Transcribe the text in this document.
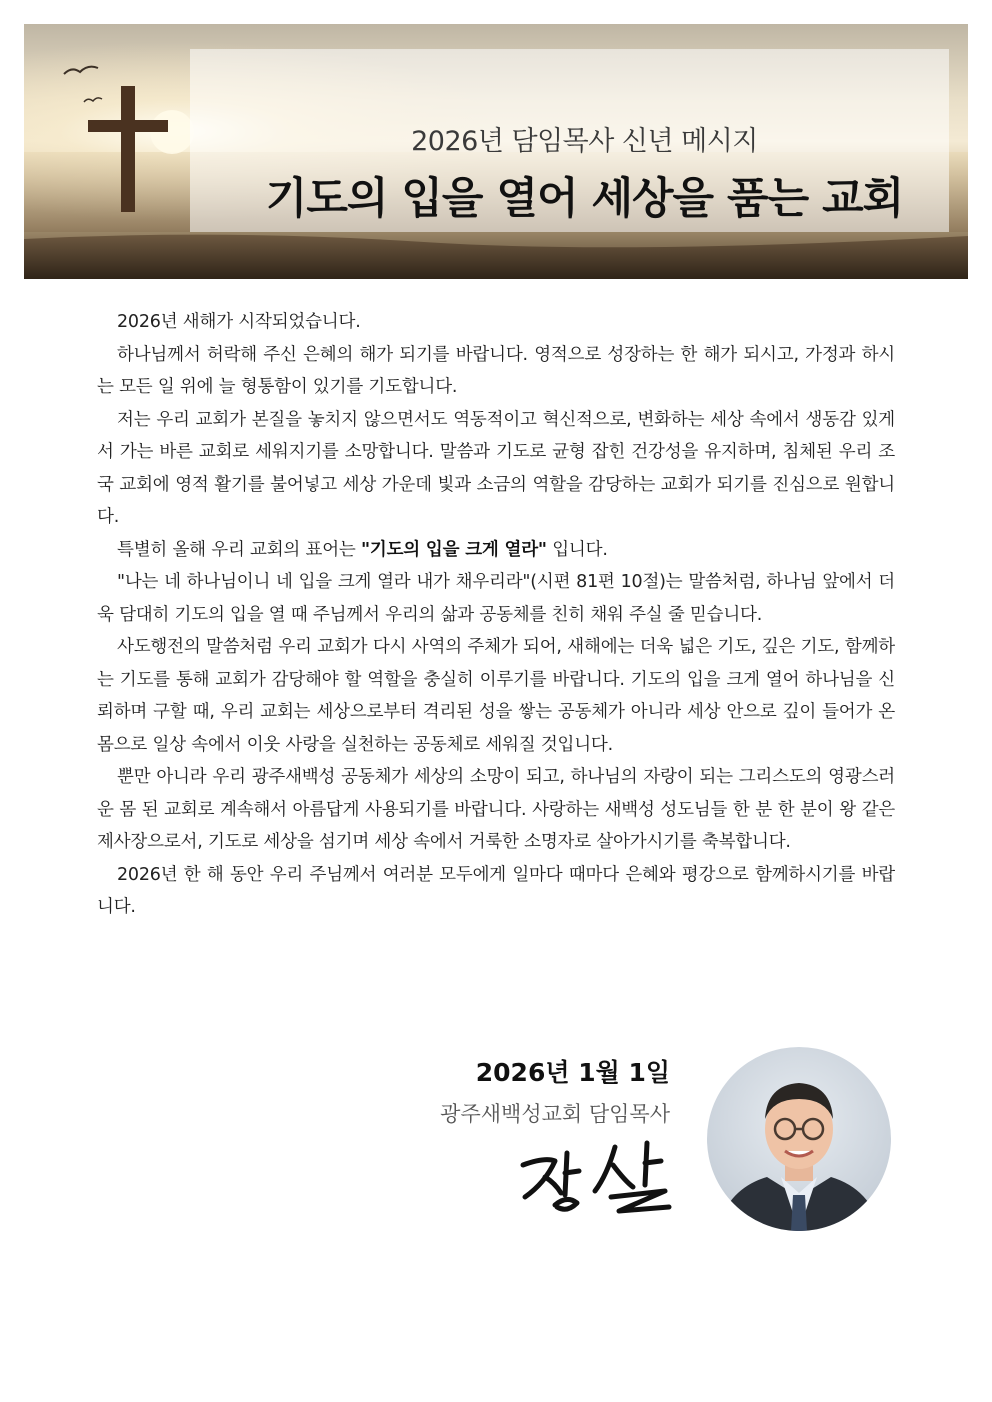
2026년 담임목사 신년 메시지
기도의 입을 열어 세상을 품는 교회

2026년 새해가 시작되었습니다.

하나님께서 허락해 주신 은혜의 해가 되기를 바랍니다. 영적으로 성장하는 한 해가 되시고, 가정과 하시는 모든 일 위에 늘 형통함이 있기를 기도합니다.

저는 우리 교회가 본질을 놓치지 않으면서도 역동적이고 혁신적으로, 변화하는 세상 속에서 생동감 있게 서 가는 바른 교회로 세워지기를 소망합니다. 말씀과 기도로 균형 잡힌 건강성을 유지하며, 침체된 우리 조국 교회에 영적 활기를 불어넣고 세상 가운데 빛과 소금의 역할을 감당하는 교회가 되기를 진심으로 원합니다.

특별히 올해 우리 교회의 표어는 "기도의 입을 크게 열라" 입니다.

"나는 네 하나님이니 네 입을 크게 열라 내가 채우리라"(시편 81편 10절)는 말씀처럼, 하나님 앞에서 더욱 담대히 기도의 입을 열 때 주님께서 우리의 삶과 공동체를 친히 채워 주실 줄 믿습니다.

사도행전의 말씀처럼 우리 교회가 다시 사역의 주체가 되어, 새해에는 더욱 넓은 기도, 깊은 기도, 함께하는 기도를 통해 교회가 감당해야 할 역할을 충실히 이루기를 바랍니다. 기도의 입을 크게 열어 하나님을 신뢰하며 구할 때, 우리 교회는 세상으로부터 격리된 성을 쌓는 공동체가 아니라 세상 안으로 깊이 들어가 온몸으로 일상 속에서 이웃 사랑을 실천하는 공동체로 세워질 것입니다.

뿐만 아니라 우리 광주새백성 공동체가 세상의 소망이 되고, 하나님의 자랑이 되는 그리스도의 영광스러운 몸 된 교회로 계속해서 아름답게 사용되기를 바랍니다. 사랑하는 새백성 성도님들 한 분 한 분이 왕 같은 제사장으로서, 기도로 세상을 섬기며 세상 속에서 거룩한 소명자로 살아가시기를 축복합니다.

2026년 한 해 동안 우리 주님께서 여러분 모두에게 일마다 때마다 은혜와 평강으로 함께하시기를 바랍니다.

2026년 1월 1일

광주새백성교회 담임목사
